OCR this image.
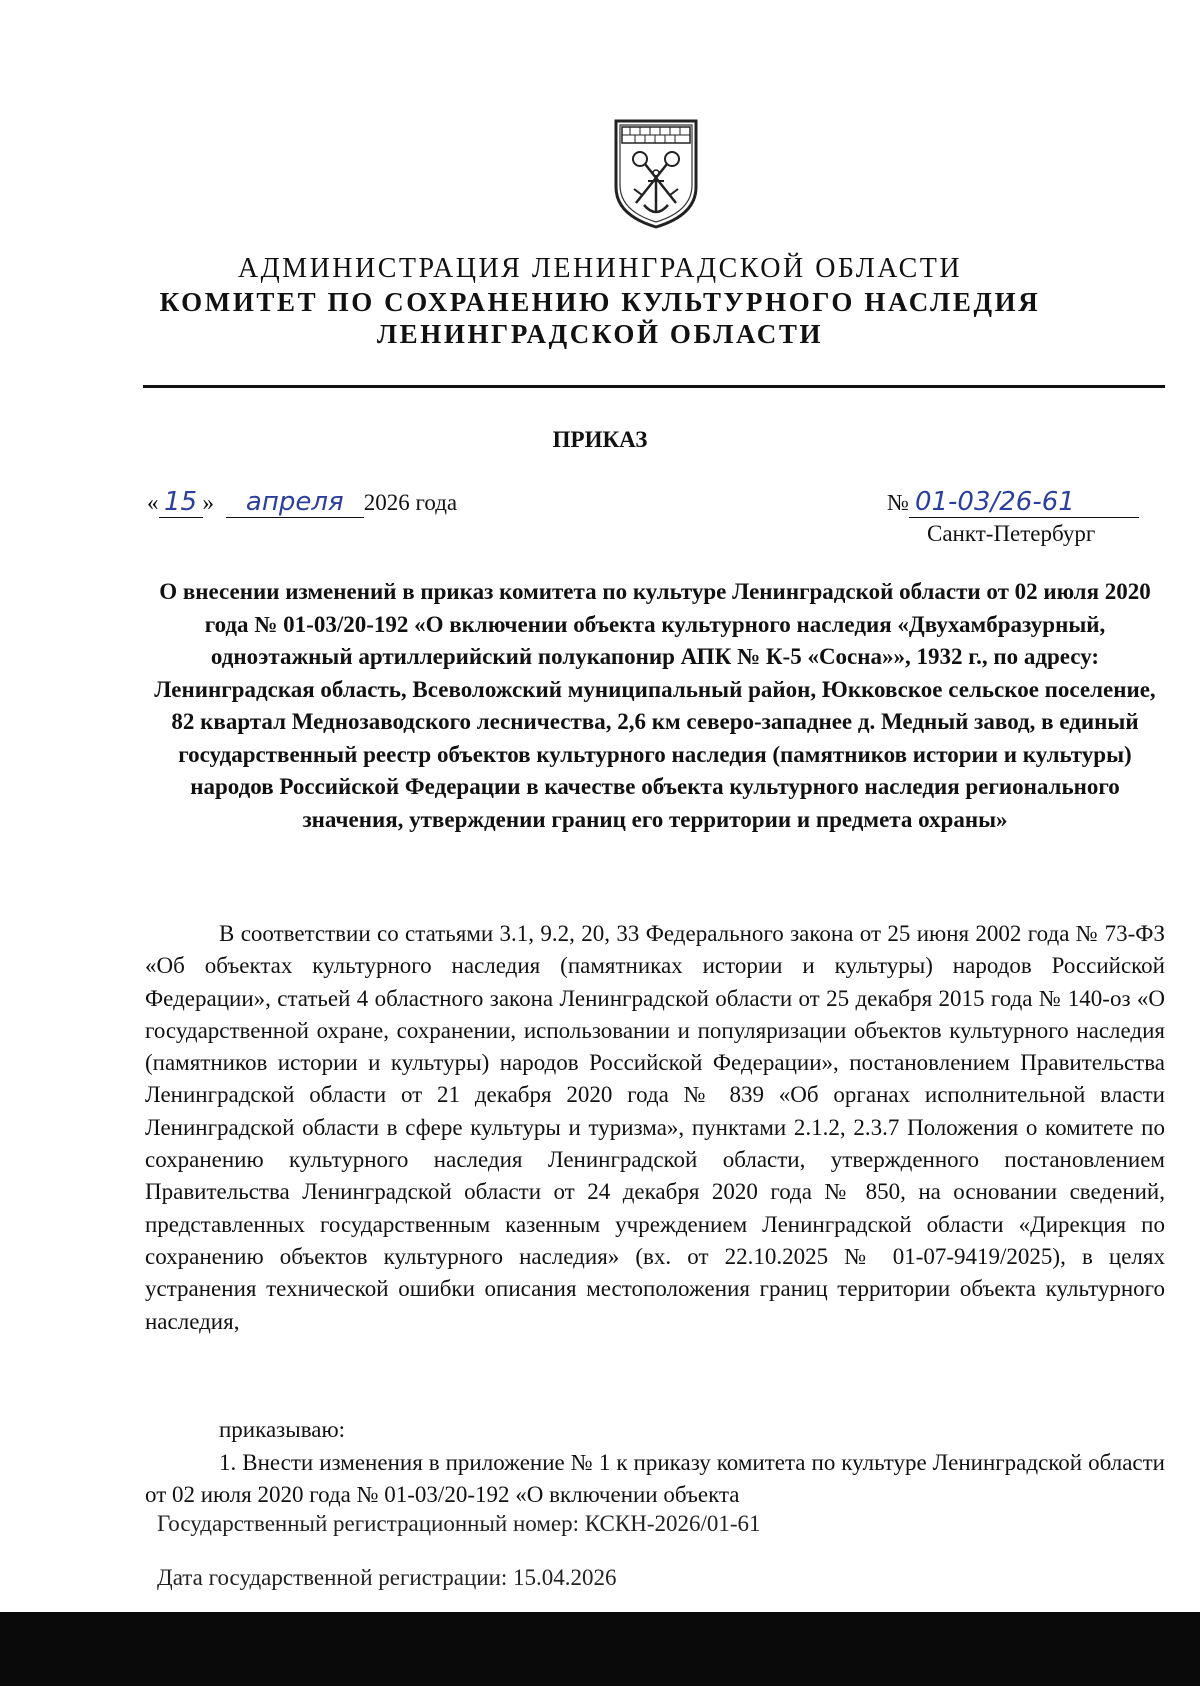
АДМИНИСТРАЦИЯ ЛЕНИНГРАДСКОЙ ОБЛАСТИ
КОМИТЕТ ПО СОХРАНЕНИЮ КУЛЬТУРНОГО НАСЛЕДИЯ
ЛЕНИНГРАДСКОЙ ОБЛАСТИ
ПРИКАЗ
« 15 » апреля 2026 года	№ 01-03/26-61
Санкт-Петербург
О внесении изменений в приказ комитета по культуре Ленинградской области от 02 июля 2020 года № 01-03/20-192 «О включении объекта культурного наследия «Двухамбразурный, одноэтажный артиллерийский полукапонир АПК № К-5 «Сосна»», 1932 г., по адресу: Ленинградская область, Всеволожский муниципальный район, Юкковское сельское поселение, 82 квартал Меднозаводского лесничества, 2,6 км северо-западнее д. Медный завод, в единый государственный реестр объектов культурного наследия (памятников истории и культуры) народов Российской Федерации в качестве объекта культурного наследия регионального значения, утверждении границ его территории и предмета охраны»
В соответствии со статьями 3.1, 9.2, 20, 33 Федерального закона от 25 июня 2002 года № 73-ФЗ «Об объектах культурного наследия (памятниках истории и культуры) народов Российской Федерации», статьей 4 областного закона Ленинградской области от 25 декабря 2015 года № 140-оз «О государственной охране, сохранении, использовании и популяризации объектов культурного наследия (памятников истории и культуры) народов Российской Федерации», постановлением Правительства Ленинградской области от 21 декабря 2020 года № 839 «Об органах исполнительной власти Ленинградской области в сфере культуры и туризма», пунктами 2.1.2, 2.3.7 Положения о комитете по сохранению культурного наследия Ленинградской области, утвержденного постановлением Правительства Ленинградской области от 24 декабря 2020 года № 850, на основании сведений, представленных государственным казенным учреждением Ленинградской области «Дирекция по сохранению объектов культурного наследия» (вх. от 22.10.2025 № 01-07-9419/2025), в целях устранения технической ошибки описания местоположения границ территории объекта культурного наследия,
приказываю:
1. Внести изменения в приложение № 1 к приказу комитета по культуре Ленинградской области от 02 июля 2020 года № 01-03/20-192 «О включении объекта
Государственный регистрационный номер: КСКН-2026/01-61
Дата государственной регистрации: 15.04.2026
